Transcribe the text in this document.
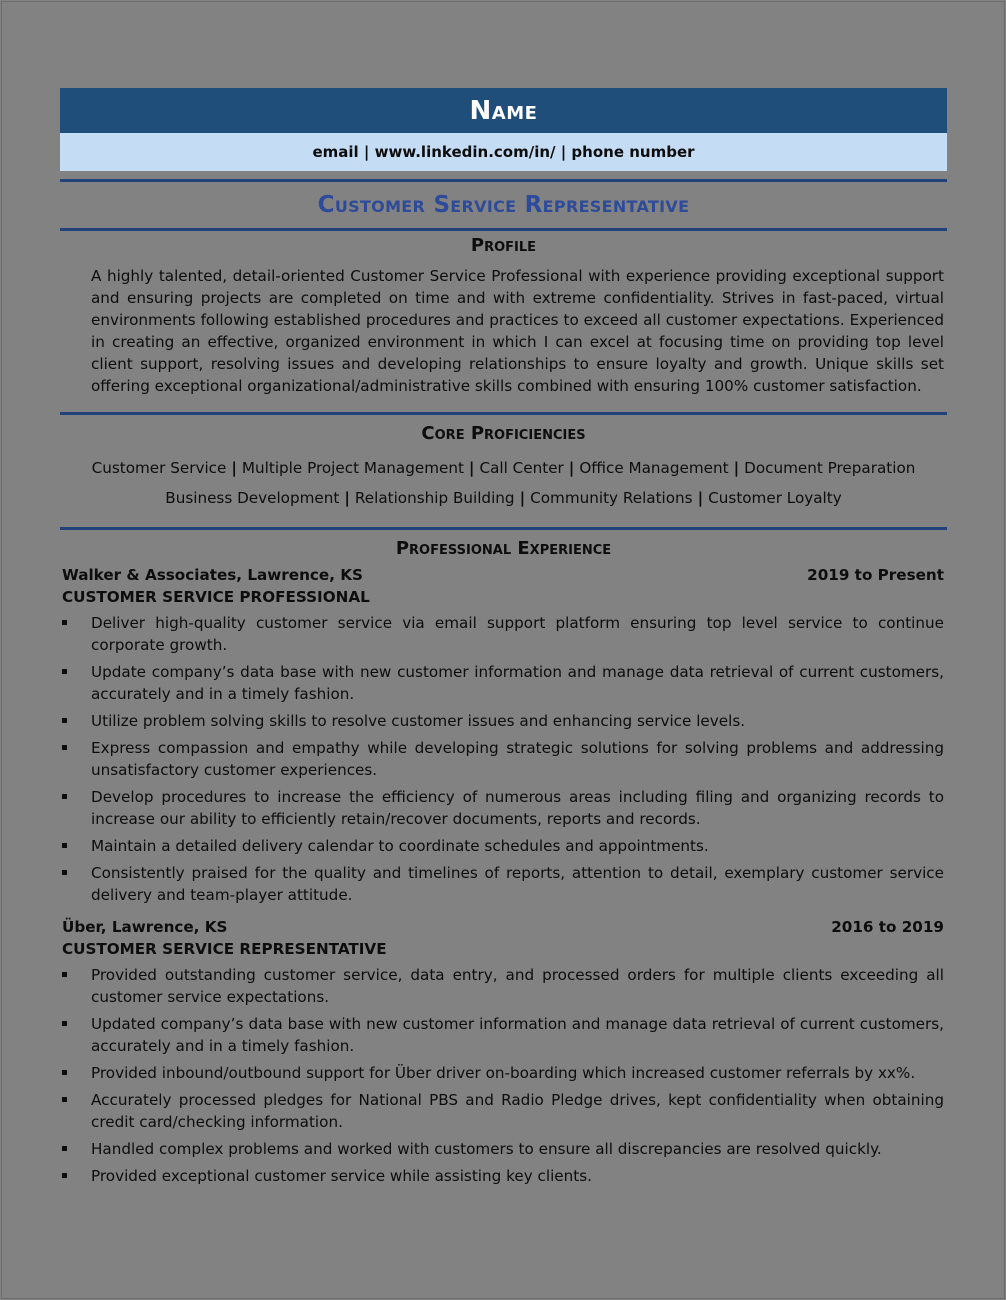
Name
email | www.linkedin.com/in/ | phone number
Customer Service Representative
Profile
A highly talented, detail-oriented Customer Service Professional with experience providing exceptional support and ensuring projects are completed on time and with extreme confidentiality. Strives in fast-paced, virtual environments following established procedures and practices to exceed all customer expectations. Experienced in creating an effective, organized environment in which I can excel at focusing time on providing top level client support, resolving issues and developing relationships to ensure loyalty and growth. Unique skills set offering exceptional organizational/administrative skills combined with ensuring 100% customer satisfaction.
Core Proficiencies
Customer Service | Multiple Project Management | Call Center | Office Management | Document Preparation
Business Development | Relationship Building | Community Relations | Customer Loyalty
Professional Experience
Walker & Associates, Lawrence, KS	2019 to Present
CUSTOMER SERVICE PROFESSIONAL
Deliver high-quality customer service via email support platform ensuring top level service to continue corporate growth.
Update company’s data base with new customer information and manage data retrieval of current customers, accurately and in a timely fashion.
Utilize problem solving skills to resolve customer issues and enhancing service levels.
Express compassion and empathy while developing strategic solutions for solving problems and addressing unsatisfactory customer experiences.
Develop procedures to increase the efficiency of numerous areas including filing and organizing records to increase our ability to efficiently retain/recover documents, reports and records.
Maintain a detailed delivery calendar to coordinate schedules and appointments.
Consistently praised for the quality and timelines of reports, attention to detail, exemplary customer service delivery and team-player attitude.
Über, Lawrence, KS	2016 to 2019
CUSTOMER SERVICE REPRESENTATIVE
Provided outstanding customer service, data entry, and processed orders for multiple clients exceeding all customer service expectations.
Updated company’s data base with new customer information and manage data retrieval of current customers, accurately and in a timely fashion.
Provided inbound/outbound support for Über driver on-boarding which increased customer referrals by xx%.
Accurately processed pledges for National PBS and Radio Pledge drives, kept confidentiality when obtaining credit card/checking information.
Handled complex problems and worked with customers to ensure all discrepancies are resolved quickly.
Provided exceptional customer service while assisting key clients.
